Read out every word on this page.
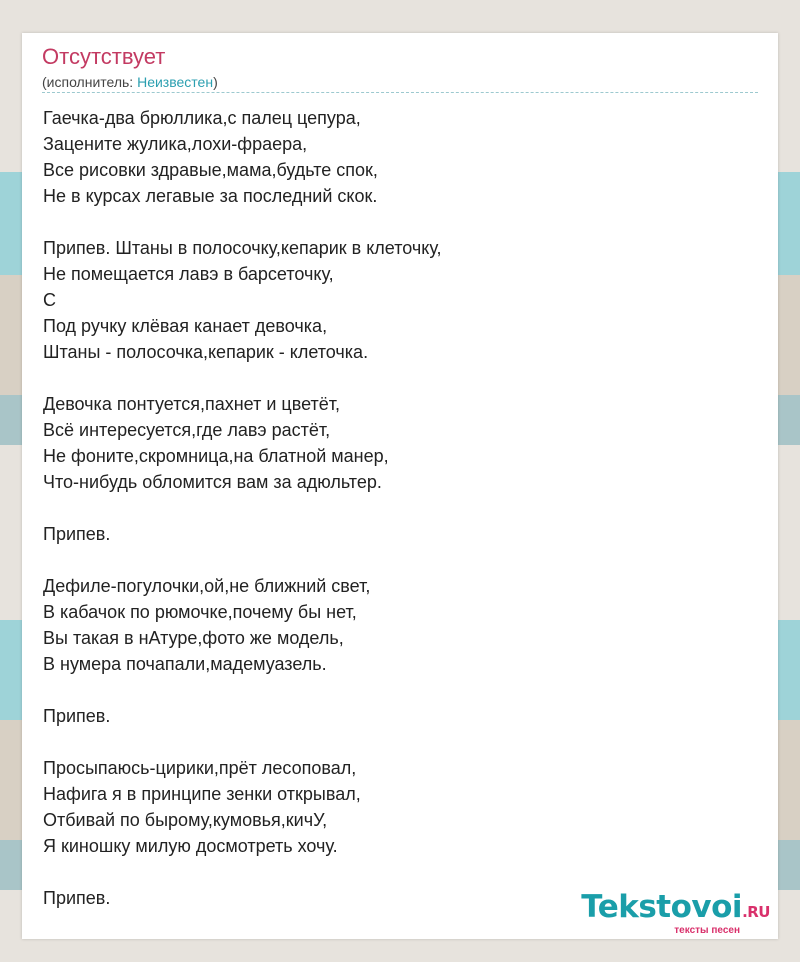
Отсутствует
(исполнитель: Неизвестен)
Гаечка-два брюллика,с палец цепура,
Зацените жулика,лохи-фраера,
Все рисовки здравые,мама,будьте спок,
Не в курсах легавые за последний скок.
Припев. Штаны в полосочку,кепарик в клеточку,
Не помещается лавэ в барсеточку,
С
Под ручку клёвая канает девочка,
Штаны - полосочка,кепарик - клеточка.
Девочка понтуется,пахнет и цветёт,
Всё интересуется,где лавэ растёт,
Не фоните,скромница,на блатной манер,
Что-нибудь обломится вам за адюльтер.
Припев.
Дефиле-погулочки,ой,не ближний свет,
В кабачок по рюмочке,почему бы нет,
Вы такая в нАтуре,фото же модель,
В нумера почапали,мадемуазель.
Припев.
Просыпаюсь-цирики,прёт лесоповал,
Нафига я в принципе зенки открывал,
Отбивай по бырому,кумовья,кичУ,
Я киношку милую досмотреть хочу.
Припев.	Tekstovoi.RU
тексты песен
